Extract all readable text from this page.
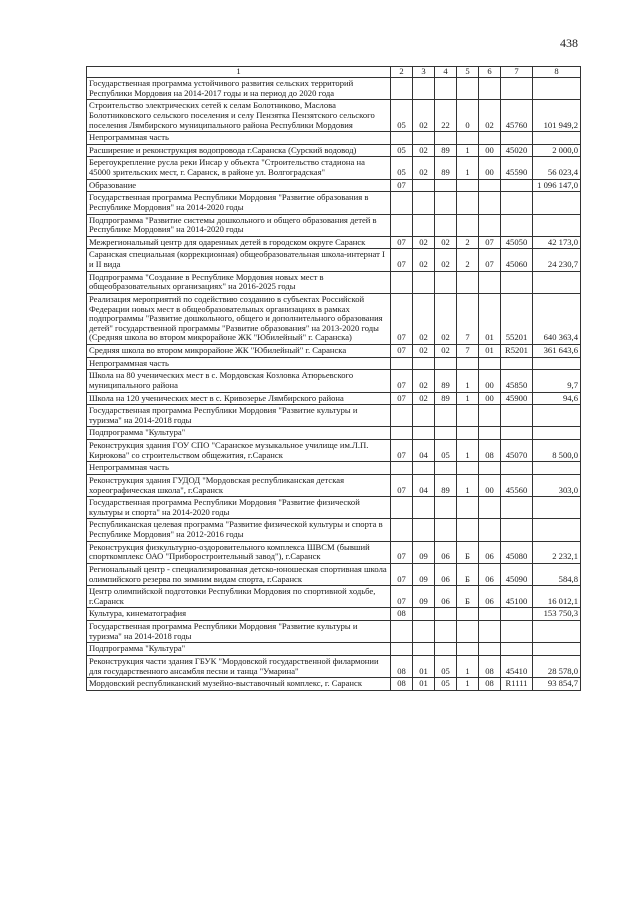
438
1	2	3	4	5	6	7	8
Государственная программа устойчивого развития сельских территорий Республики Мордовия на 2014-2017 годы и на период до 2020 года							
Строительство электрических сетей к селам Болотниково, Маслова Болотниковского сельского поселения и селу Пензятка Пензятского сельского поселения Лямбирского муниципального района Республики Мордовия	05	02	22	0	02	45760	101 949,2
Непрограммная часть							
Расширение и реконструкция водопровода г.Саранска (Сурский водовод)	05	02	89	1	00	45020	2 000,0
Берегоукрепление русла реки Инсар у объекта "Строительство стадиона на 45000 зрительских мест, г. Саранск, в районе ул. Волгоградская"	05	02	89	1	00	45590	56 023,4
Образование	07						1 096 147,0
Государственная программа Республики Мордовия "Развитие образования в Республике Мордовия" на 2014-2020 годы							
Подпрограмма "Развитие системы дошкольного и общего образования детей в Республике Мордовия" на 2014-2020 годы							
Межрегиональный центр для одаренных детей в городском округе Саранск	07	02	02	2	07	45050	42 173,0
Саранская специальная (коррекционная) общеобразовательная школа-интернат I и II вида	07	02	02	2	07	45060	24 230,7
Подпрограмма "Создание в Республике Мордовия новых мест в общеобразовательных организациях" на 2016-2025 годы							
Реализация мероприятий по содействию созданию в субъектах Российской Федерации новых мест в общеобразовательных организациях в рамках подпрограммы "Развитие дошкольного, общего и дополнительного образования детей" государственной программы "Развитие образования" на 2013-2020 годы (Средняя школа во втором микрорайоне ЖК "Юбилейный" г. Саранска)	07	02	02	7	01	55201	640 363,4
Средняя школа во втором микрорайоне ЖК "Юбилейный" г. Саранска	07	02	02	7	01	R5201	361 643,6
Непрограммная часть							
Школа на 80 ученических мест в с. Мордовская Козловка Атюрьевского муниципального района	07	02	89	1	00	45850	9,7
Школа на 120 ученических мест в с. Кривозерье Лямбирского района	07	02	89	1	00	45900	94,6
Государственная программа Республики Мордовия "Развитие культуры и туризма" на 2014-2018 годы							
Подпрограмма "Культура"							
Реконструкция здания ГОУ СПО "Саранское музыкальное училище им.Л.П. Кирюкова" со строительством общежития, г.Саранск	07	04	05	1	08	45070	8 500,0
Непрограммная часть							
Реконструкция здания ГУДОД "Мордовская республиканская детская хореографическая школа", г.Саранск	07	04	89	1	00	45560	303,0
Государственная программа Республики Мордовия "Развитие физической культуры и спорта" на 2014-2020 годы							
Республиканская целевая программа "Развитие физической культуры и спорта в Республике Мордовия" на 2012-2016 годы							
Реконструкция физкультурно-оздоровительного комплекса ШВСМ (бывший спорткомплекс ОАО "Приборостроительный завод"), г.Саранск	07	09	06	Б	06	45080	2 232,1
Региональный центр - специализированная детско-юношеская спортивная школа олимпийского резерва по зимним видам спорта, г.Саранск	07	09	06	Б	06	45090	584,8
Центр олимпийской подготовки Республики Мордовия по спортивной ходьбе, г.Саранск	07	09	06	Б	06	45100	16 012,1
Культура, кинематография	08						153 750,3
Государственная программа Республики Мордовия "Развитие культуры и туризма" на 2014-2018 годы							
Подпрограмма "Культура"							
Реконструкция части здания ГБУК "Мордовской государственной филармонии для государственного ансамбля песни и танца "Умарина"	08	01	05	1	08	45410	28 578,0
Мордовский республиканский музейно-выставочный комплекс, г. Саранск	08	01	05	1	08	R1111	93 854,7
